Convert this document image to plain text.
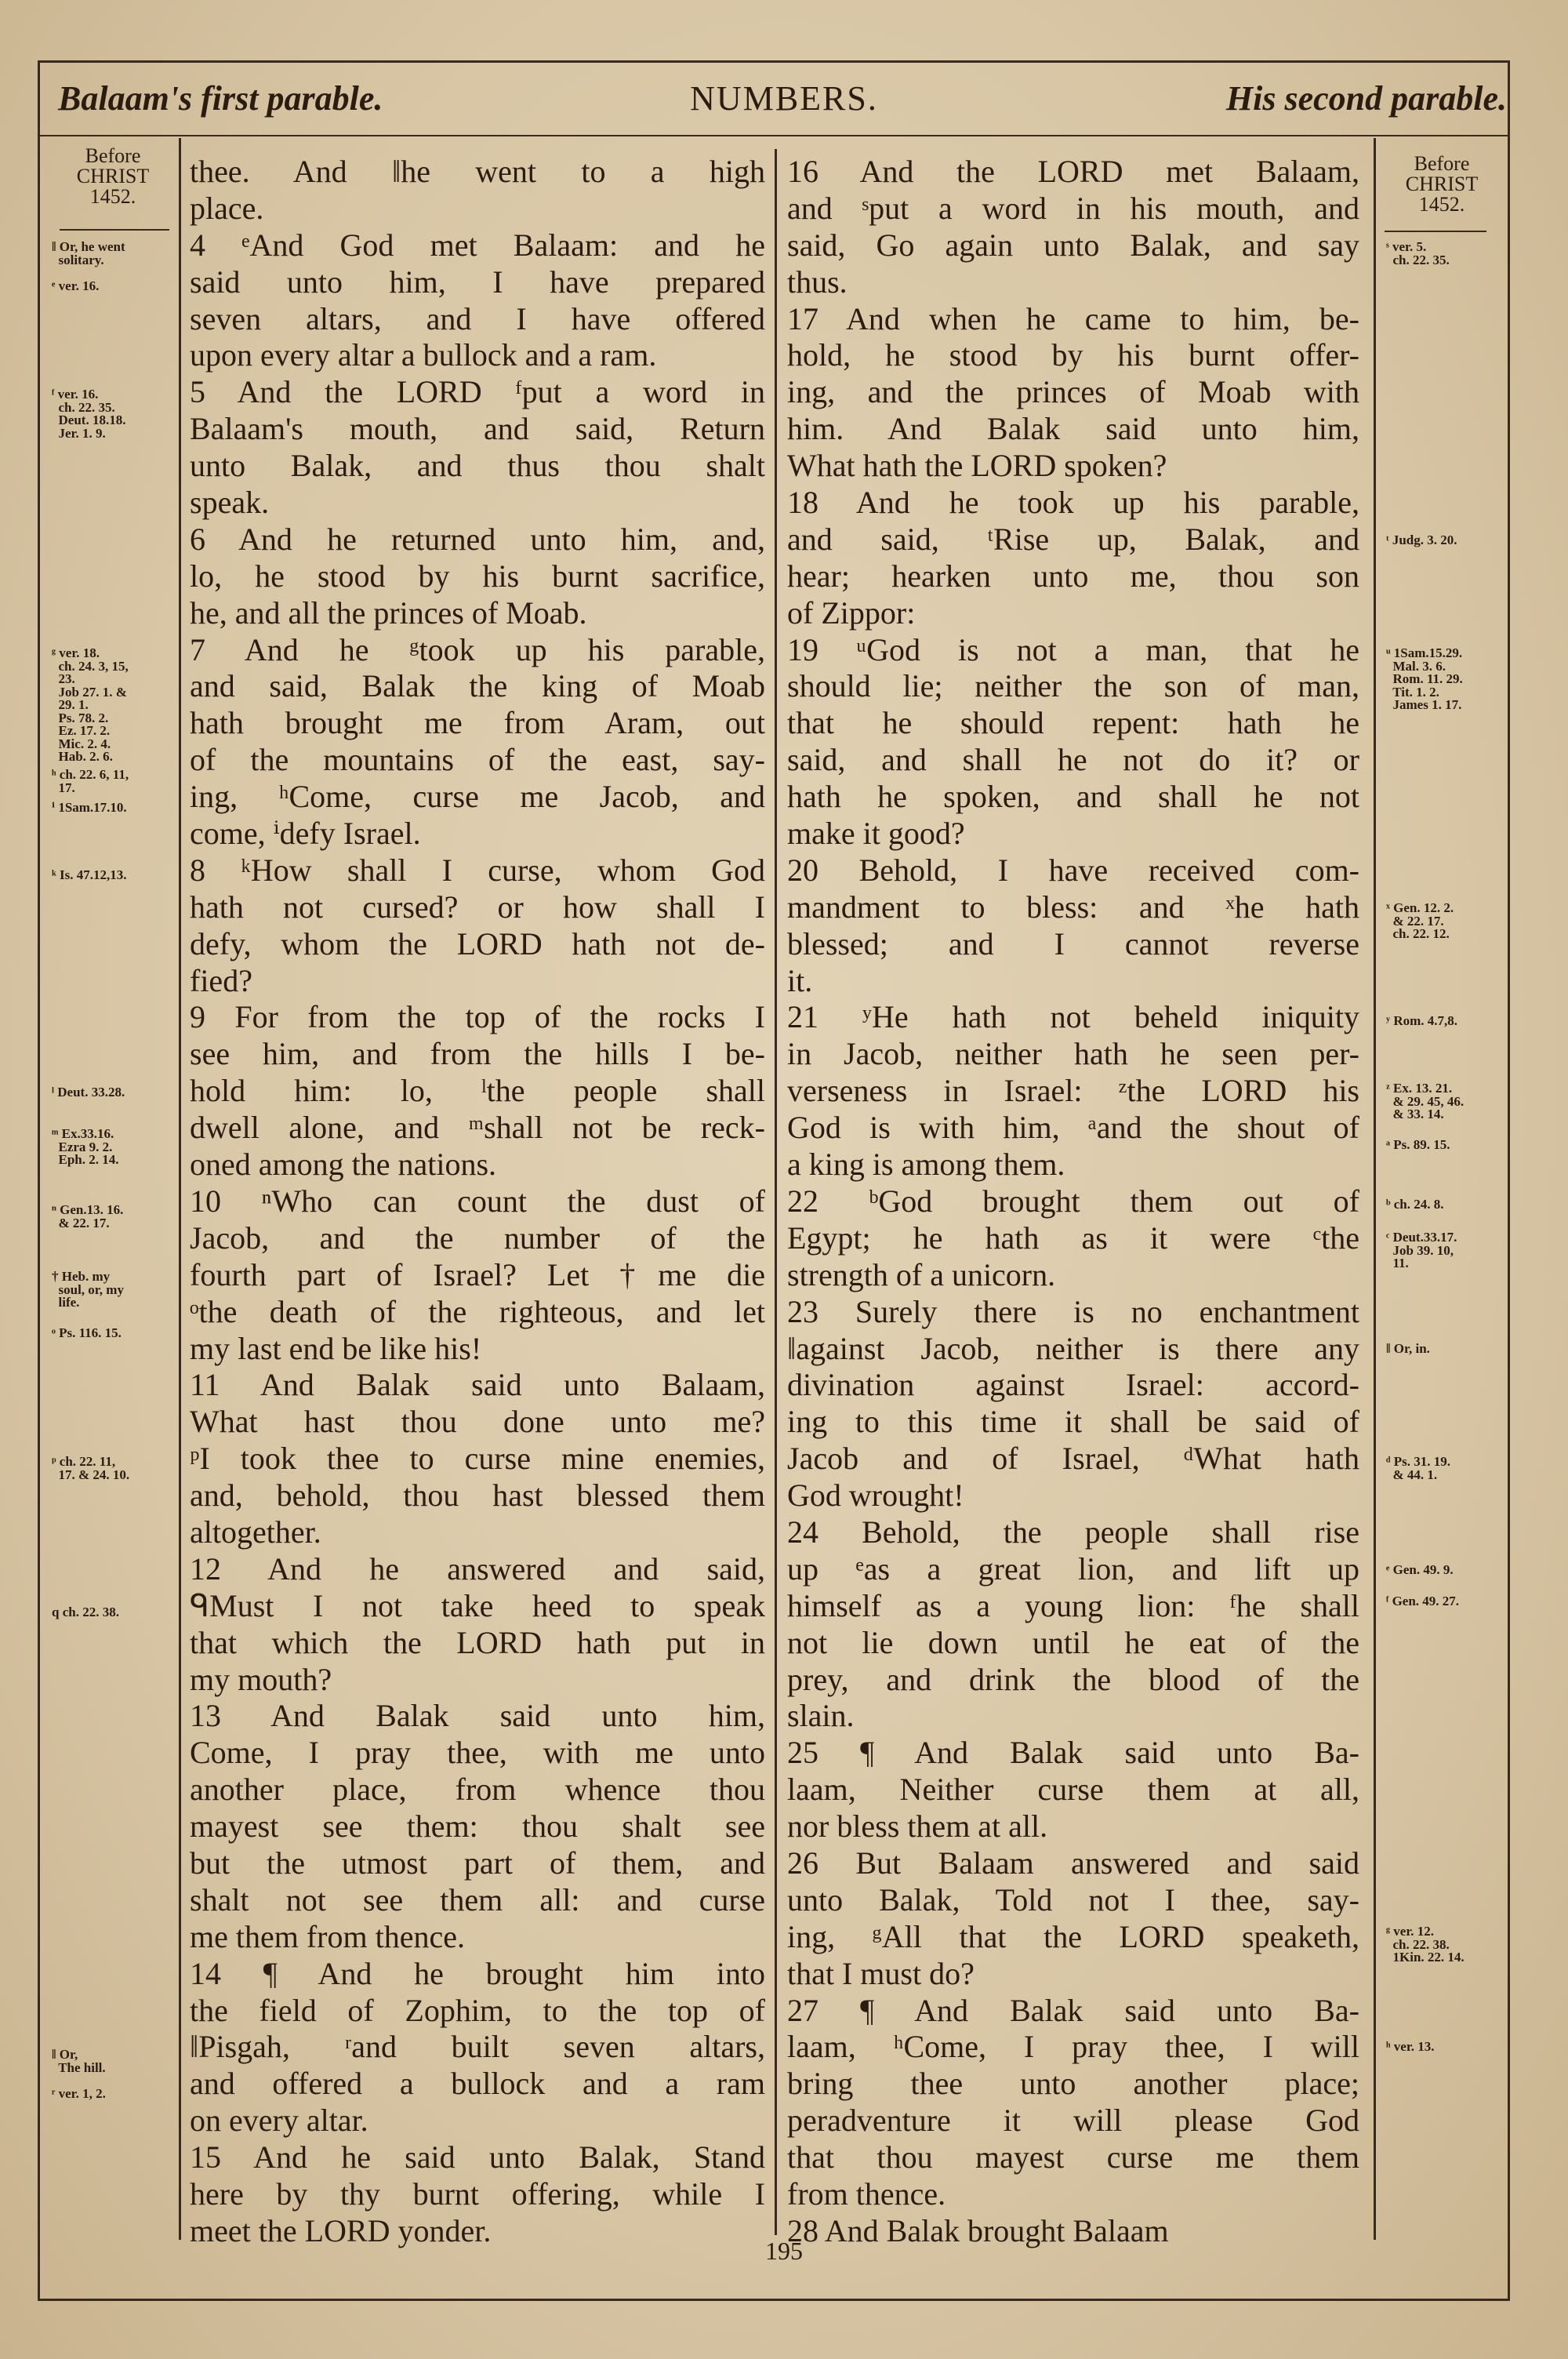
Balaam's first parable.	NUMBERS.	His second parable.
Before
CHRIST
1452.
Before
CHRIST
1452.
thee. And ‖he went to a high
place.
4 ᵉAnd God met Balaam: and he
said unto him, I have prepared
seven altars, and I have offered
upon every altar a bullock and a ram.
5 And the LORD ᶠput a word in
Balaam's mouth, and said, Return
unto Balak, and thus thou shalt
speak.
6 And he returned unto him, and,
lo, he stood by his burnt sacrifice,
he, and all the princes of Moab.
7 And he ᵍtook up his parable,
and said, Balak the king of Moab
hath brought me from Aram, out
of the mountains of the east, say-
ing, ʰCome, curse me Jacob, and
come, ⁱdefy Israel.
8 ᵏHow shall I curse, whom God
hath not cursed? or how shall I
defy, whom the LORD hath not de-
fied?
9 For from the top of the rocks I
see him, and from the hills I be-
hold him: lo, ˡthe people shall
dwell alone, and ᵐshall not be reck-
oned among the nations.
10 ⁿWho can count the dust of
Jacob, and the number of the
fourth part of Israel? Let †me die
ᵒthe death of the righteous, and let
my last end be like his!
11 And Balak said unto Balaam,
What hast thou done unto me?
ᵖI took thee to curse mine enemies,
and, behold, thou hast blessed them
altogether.
12 And he answered and said,
ᑫMust I not take heed to speak
that which the LORD hath put in
my mouth?
13 And Balak said unto him,
Come, I pray thee, with me unto
another place, from whence thou
mayest see them: thou shalt see
but the utmost part of them, and
shalt not see them all: and curse
me them from thence.
14 ¶ And he brought him into
the field of Zophim, to the top of
‖Pisgah, ʳand built seven altars,
and offered a bullock and a ram
on every altar.
15 And he said unto Balak, Stand
here by thy burnt offering, while I
meet the LORD yonder.
16 And the LORD met Balaam,
and ˢput a word in his mouth, and
said, Go again unto Balak, and say
thus.
17 And when he came to him, be-
hold, he stood by his burnt offer-
ing, and the princes of Moab with
him. And Balak said unto him,
What hath the LORD spoken?
18 And he took up his parable,
and said, ᵗRise up, Balak, and
hear; hearken unto me, thou son
of Zippor:
19 ᵘGod is not a man, that he
should lie; neither the son of man,
that he should repent: hath he
said, and shall he not do it? or
hath he spoken, and shall he not
make it good?
20 Behold, I have received com-
mandment to bless: and ˣhe hath
blessed; and I cannot reverse
it.
21 ʸHe hath not beheld iniquity
in Jacob, neither hath he seen per-
verseness in Israel: ᶻthe LORD his
God is with him, ᵃand the shout of
a king is among them.
22 ᵇGod brought them out of
Egypt; he hath as it were ᶜthe
strength of a unicorn.
23 Surely there is no enchantment
‖against Jacob, neither is there any
divination against Israel: accord-
ing to this time it shall be said of
Jacob and of Israel, ᵈWhat hath
God wrought!
24 Behold, the people shall rise
up ᵉas a great lion, and lift up
himself as a young lion: ᶠhe shall
not lie down until he eat of the
prey, and drink the blood of the
slain.
25 ¶ And Balak said unto Ba-
laam, Neither curse them at all,
nor bless them at all.
26 But Balaam answered and said
unto Balak, Told not I thee, say-
ing, ᵍAll that the LORD speaketh,
that I must do?
27 ¶ And Balak said unto Ba-
laam, ʰCome, I pray thee, I will
bring thee unto another place;
peradventure it will please God
that thou mayest curse me them
from thence.
28 And Balak brought Balaam
‖ Or, he went
solitary.
ᵉ ver. 16.
ᶠ ver. 16.
ch. 22. 35.
Deut. 18.18.
Jer. 1. 9.
ᵍ ver. 18.
ch. 24. 3, 15,
23.
Job 27. 1. &
29. 1.
Ps. 78. 2.
Ez. 17. 2.
Mic. 2. 4.
Hab. 2. 6.
ʰ ch. 22. 6, 11,
17.
ⁱ 1Sam.17.10.
ᵏ Is. 47.12,13.
ˡ Deut. 33.28.
ᵐ Ex.33.16.
Ezra 9. 2.
Eph. 2. 14.
ⁿ Gen.13. 16.
& 22. 17.
† Heb. my
soul, or, my
life.
ᵒ Ps. 116. 15.
ᵖ ch. 22. 11,
17. & 24. 10.
q ch. 22. 38.
‖ Or,
The hill.
ʳ ver. 1, 2.
ˢ ver. 5.
ch. 22. 35.
ᵗ Judg. 3. 20.
ᵘ 1Sam.15.29.
Mal. 3. 6.
Rom. 11. 29.
Tit. 1. 2.
James 1. 17.
ˣ Gen. 12. 2.
& 22. 17.
ch. 22. 12.
ʸ Rom. 4.7,8.
ᶻ Ex. 13. 21.
& 29. 45, 46.
& 33. 14.
ᵃ Ps. 89. 15.
ᵇ ch. 24. 8.
ᶜ Deut.33.17.
Job 39. 10,
11.
‖ Or, in.
ᵈ Ps. 31. 19.
& 44. 1.
ᵉ Gen. 49. 9.
ᶠ Gen. 49. 27.
ᵍ ver. 12.
ch. 22. 38.
1Kin. 22. 14.
ʰ ver. 13.
195
